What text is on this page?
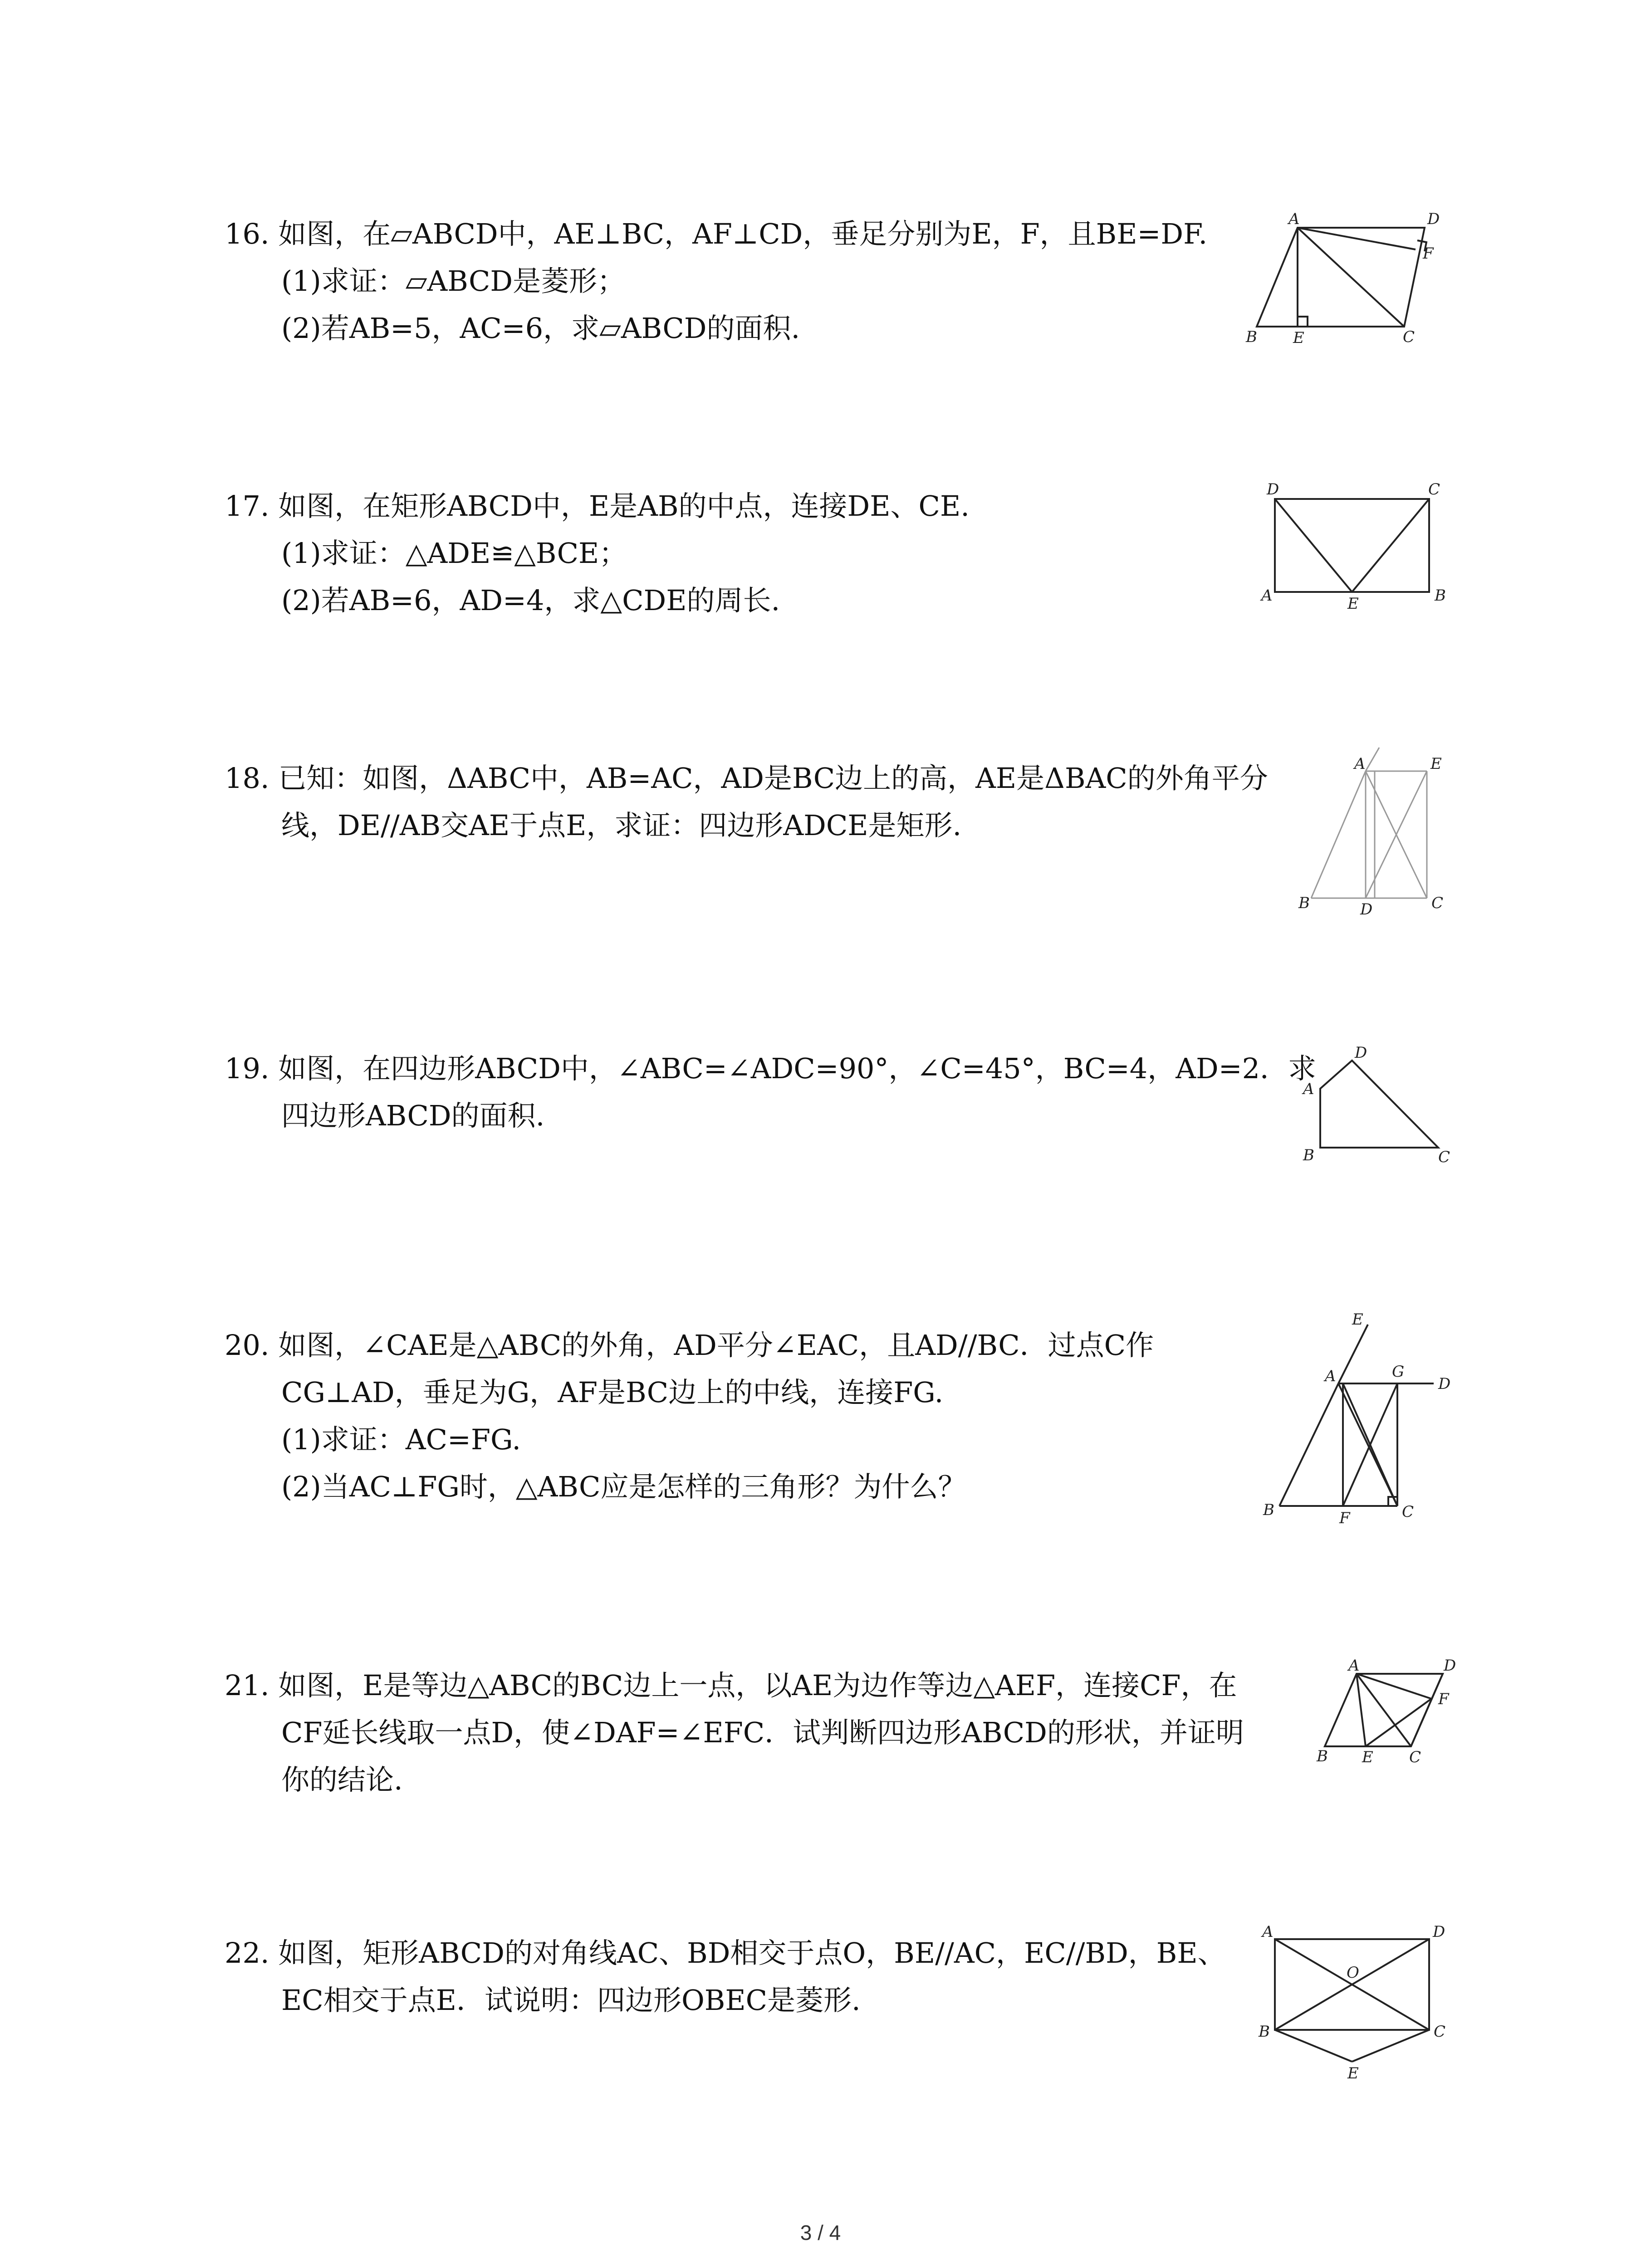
16. 如图，在▱ABCD中，AE⊥BC，AF⊥CD，垂足分别为E，F，且BE=DF.
(1)求证：▱ABCD是菱形；
(2)若AB=5，AC=6，求▱ABCD的面积.
A	D
F
B E	C
17. 如图，在矩形ABCD中，E是AB的中点，连接DE、CE.
(1)求证：△ADE≌△BCE；
(2)若AB=6，AD=4，求△CDE的周长.
D	C
A	E	B
18. 已知：如图，ΔABC中，AB=AC，AD是BC边上的高，AE是ΔBAC的外角平分
线，DE//AB交AE于点E，求证：四边形ADCE是矩形.
A	E
B	D	C
19. 如图，在四边形ABCD中，∠ABC=∠ADC=90°，∠C=45°，BC=4，AD=2．求
四边形ABCD的面积.
D
A
B	C
20. 如图，∠CAE是△ABC的外角，AD平分∠EAC，且AD//BC．过点C作
CG⊥AD，垂足为G，AF是BC边上的中线，连接FG.
(1)求证：AC=FG.
(2)当AC⊥FG时，△ABC应是怎样的三角形？为什么？
E
A	G
D
B	F	C
21. 如图，E是等边△ABC的BC边上一点，以AE为边作等边△AEF，连接CF，在
CF延长线取一点D，使∠DAF=∠EFC．试判断四边形ABCD的形状，并证明
你的结论.
A	D
F
B E C
22. 如图，矩形ABCD的对角线AC、BD相交于点O，BE//AC，EC//BD，BE、
EC相交于点E．试说明：四边形OBEC是菱形.
A	D
O
B	C
E
3 / 4
